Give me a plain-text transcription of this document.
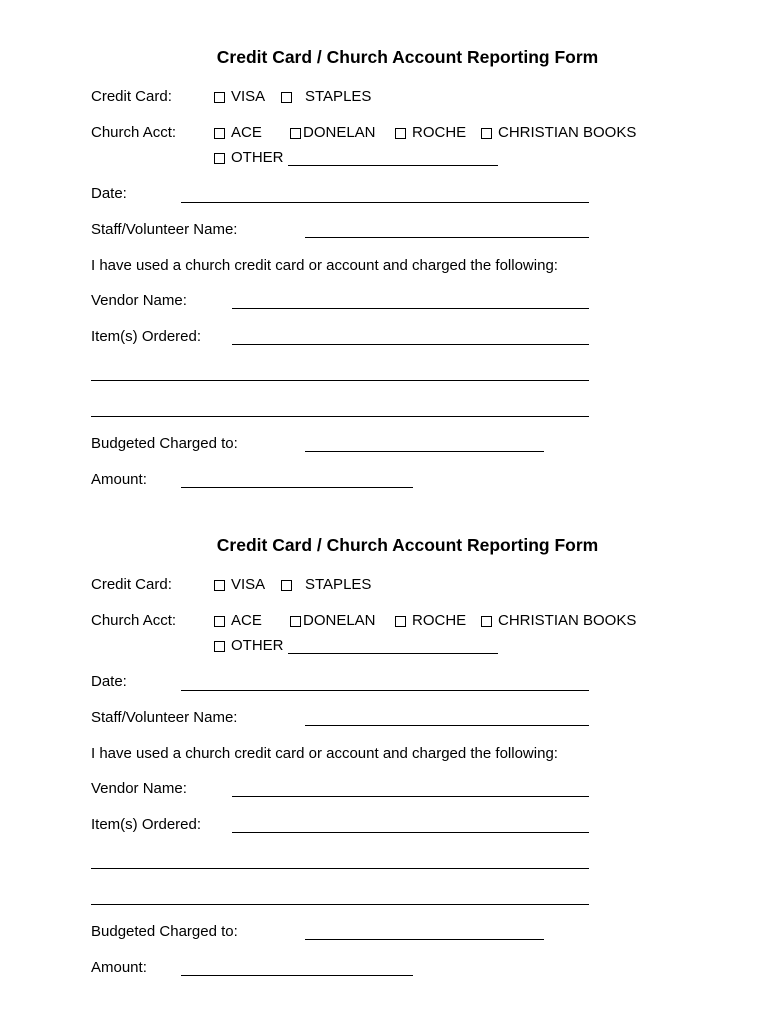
Credit Card / Church Account Reporting Form
Credit Card:	VISA	STAPLES
Church Acct:	ACE	DONELAN ROCHE CHRISTIAN BOOKS
OTHER
Date:
Staff/Volunteer Name:
I have used a church credit card or account and charged the following:
Vendor Name:
Item(s) Ordered:
Budgeted Charged to:
Amount:
Credit Card / Church Account Reporting Form
Credit Card:	VISA	STAPLES
Church Acct:	ACE	DONELAN ROCHE CHRISTIAN BOOKS
OTHER
Date:
Staff/Volunteer Name:
I have used a church credit card or account and charged the following:
Vendor Name:
Item(s) Ordered:
Budgeted Charged to:
Amount:
